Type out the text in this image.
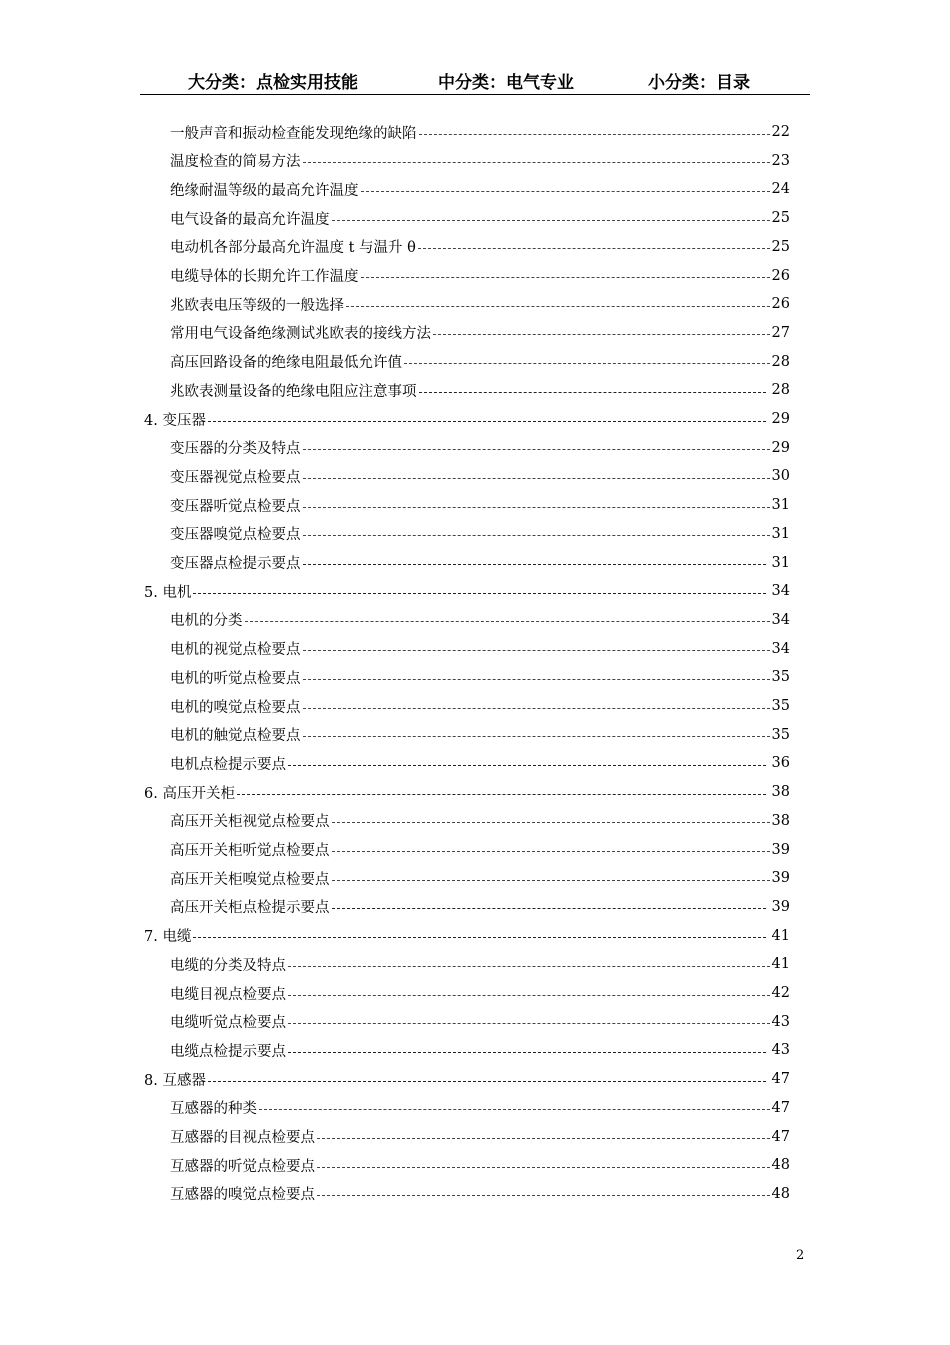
大分类：点检实用技能	中分类：电气专业	小分类：目录
一般声音和振动检查能发现绝缘的缺陷	22
温度检查的简易方法	23
绝缘耐温等级的最高允许温度	24
电气设备的最高允许温度	25
电动机各部分最高允许温度 t 与温升 θ	25
电缆导体的长期允许工作温度	26
兆欧表电压等级的一般选择	26
常用电气设备绝缘测试兆欧表的接线方法	27
高压回路设备的绝缘电阻最低允许值	28
兆欧表测量设备的绝缘电阻应注意事项	28
4. 变压器	29
变压器的分类及特点	29
变压器视觉点检要点	30
变压器听觉点检要点	31
变压器嗅觉点检要点	31
变压器点检提示要点	31
5. 电机	34
电机的分类	34
电机的视觉点检要点	34
电机的听觉点检要点	35
电机的嗅觉点检要点	35
电机的触觉点检要点	35
电机点检提示要点	36
6. 高压开关柜	38
高压开关柜视觉点检要点	38
高压开关柜听觉点检要点	39
高压开关柜嗅觉点检要点	39
高压开关柜点检提示要点	39
7. 电缆	41
电缆的分类及特点	41
电缆目视点检要点	42
电缆听觉点检要点	43
电缆点检提示要点	43
8. 互感器	47
互感器的种类	47
互感器的目视点检要点	47
互感器的听觉点检要点	48
互感器的嗅觉点检要点	48
2
